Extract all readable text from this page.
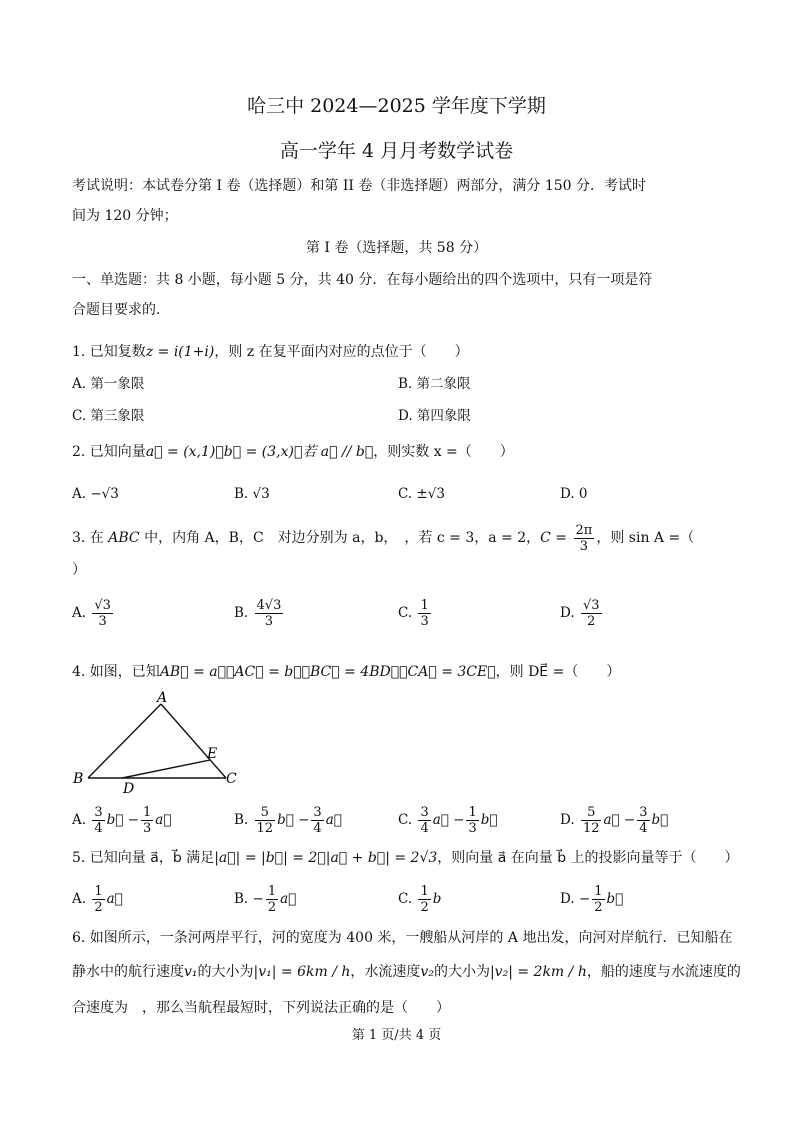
哈三中 2024—2025 学年度下学期
高一学年 4 月月考数学试卷
考试说明：本试卷分第 I 卷（选择题）和第 II 卷（非选择题）两部分，满分 150 分．考试时
间为 120 分钟；
第 I 卷（选择题，共 58 分）
一、单选题：共 8 小题，每小题 5 分，共 40 分．在每小题给出的四个选项中，只有一项是符
合题目要求的．
1. 已知复数z = i(1+i)，则 z 在复平面内对应的点位于（　　）
A. 第一象限	B. 第二象限
C. 第三象限	D. 第四象限
2. 已知向量a⃗ = (x,1)，b⃗ = (3,x)，若 a⃗ // b⃗，则实数 x =（　　）
A. −√3	B. √3	C. ±√3	D. 0
3. 在 ABC 中，内角 A，B，C　对边分别为 a，b，　，若 c = 3，a = 2，$C = \frac{2\pi}{3}$ ，则 sin A =（
）
A. $\frac{√3}{3}$	B. $\frac{4√3}{3}$	C. $\frac{1}{3}$	D. $\frac{√3}{2}$
4. 如图，已知AB⃗ = a⃗，AC⃗ = b⃗，BC⃗ = 4BD⃗，CA⃗ = 3CE⃗，则 DE⃗ =（　　）
A
B	C
D
E
A. $\frac{3}{4}$ b⃗ − $\frac{1}{3}$ a⃗	B. $\frac{5}{12}$ b⃗ − $\frac{3}{4}$ a⃗	C. $\frac{3}{4}$ a⃗ − $\frac{1}{3}$ b⃗	D. $\frac{5}{12}$ a⃗ − $\frac{3}{4}$ b⃗
5. 已知向量 a⃗，b⃗ 满足|a⃗| = |b⃗| = 2，|a⃗ + b⃗| = 2√3，则向量 a⃗ 在向量 b⃗ 上的投影向量等于（　　）
A. $\frac{1}{2}$ a⃗	B. − $\frac{1}{2}$ a⃗	C. $\frac{1}{2}$ b	D. − $\frac{1}{2}$ b⃗
6. 如图所示，一条河两岸平行，河的宽度为 400 米，一艘船从河岸的 A 地出发，向河对岸航行．已知船在
静水中的航行速度v₁的大小为|v₁| = 6km / h，水流速度v₂的大小为|v₂| = 2km / h，船的速度与水流速度的
合速度为　，那么当航程最短时，下列说法正确的是（　　）
第 1 页/共 4 页
